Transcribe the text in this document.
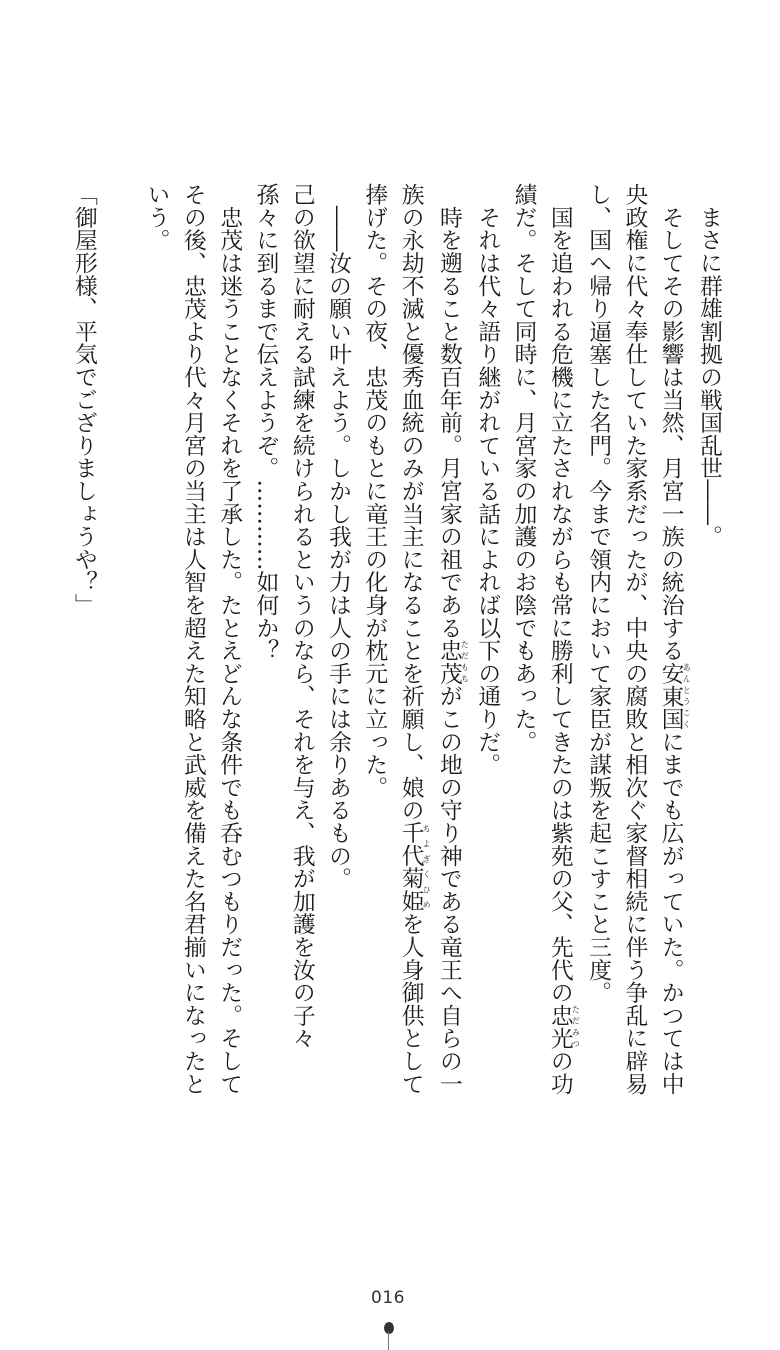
　まさに群雄割拠の戦国乱世――。
　そしてその影響は当然、月宮一族の統治する安東国あんとうこくにまでも広がっていた。かつては中
央政権に代々奉仕していた家系だったが、中央の腐敗と相次ぐ家督相続に伴う争乱に辟易
し、国へ帰り逼塞した名門。今まで領内において家臣が謀叛を起こすこと三度。
　国を追われる危機に立たされながらも常に勝利してきたのは紫苑の父、先代の忠光ただみつの功
績だ。そして同時に、月宮家の加護のお陰でもあった。
　それは代々語り継がれている話によれば以下の通りだ。
　時を遡ること数百年前。月宮家の祖である忠茂ただもちがこの地の守り神である竜王へ自らの一
族の永劫不滅と優秀血統のみが当主になることを祈願し、娘の千代菊姫ちよぎくひめを人身御供として
捧げた。その夜、忠茂のもとに竜王の化身が枕元に立った。
　――汝の願い叶えよう。しかし我が力は人の手には余りあるもの。
己の欲望に耐える試練を続けられるというのなら、それを与え、我が加護を汝の子々
孫々に到るまで伝えようぞ。…………如何か？
　忠茂は迷うことなくそれを了承した。たとえどんな条件でも呑むつもりだった。そして
その後、忠茂より代々月宮の当主は人智を超えた知略と武威を備えた名君揃いになったと
いう。
「御屋形様、平気でござりましょうや？」
016
